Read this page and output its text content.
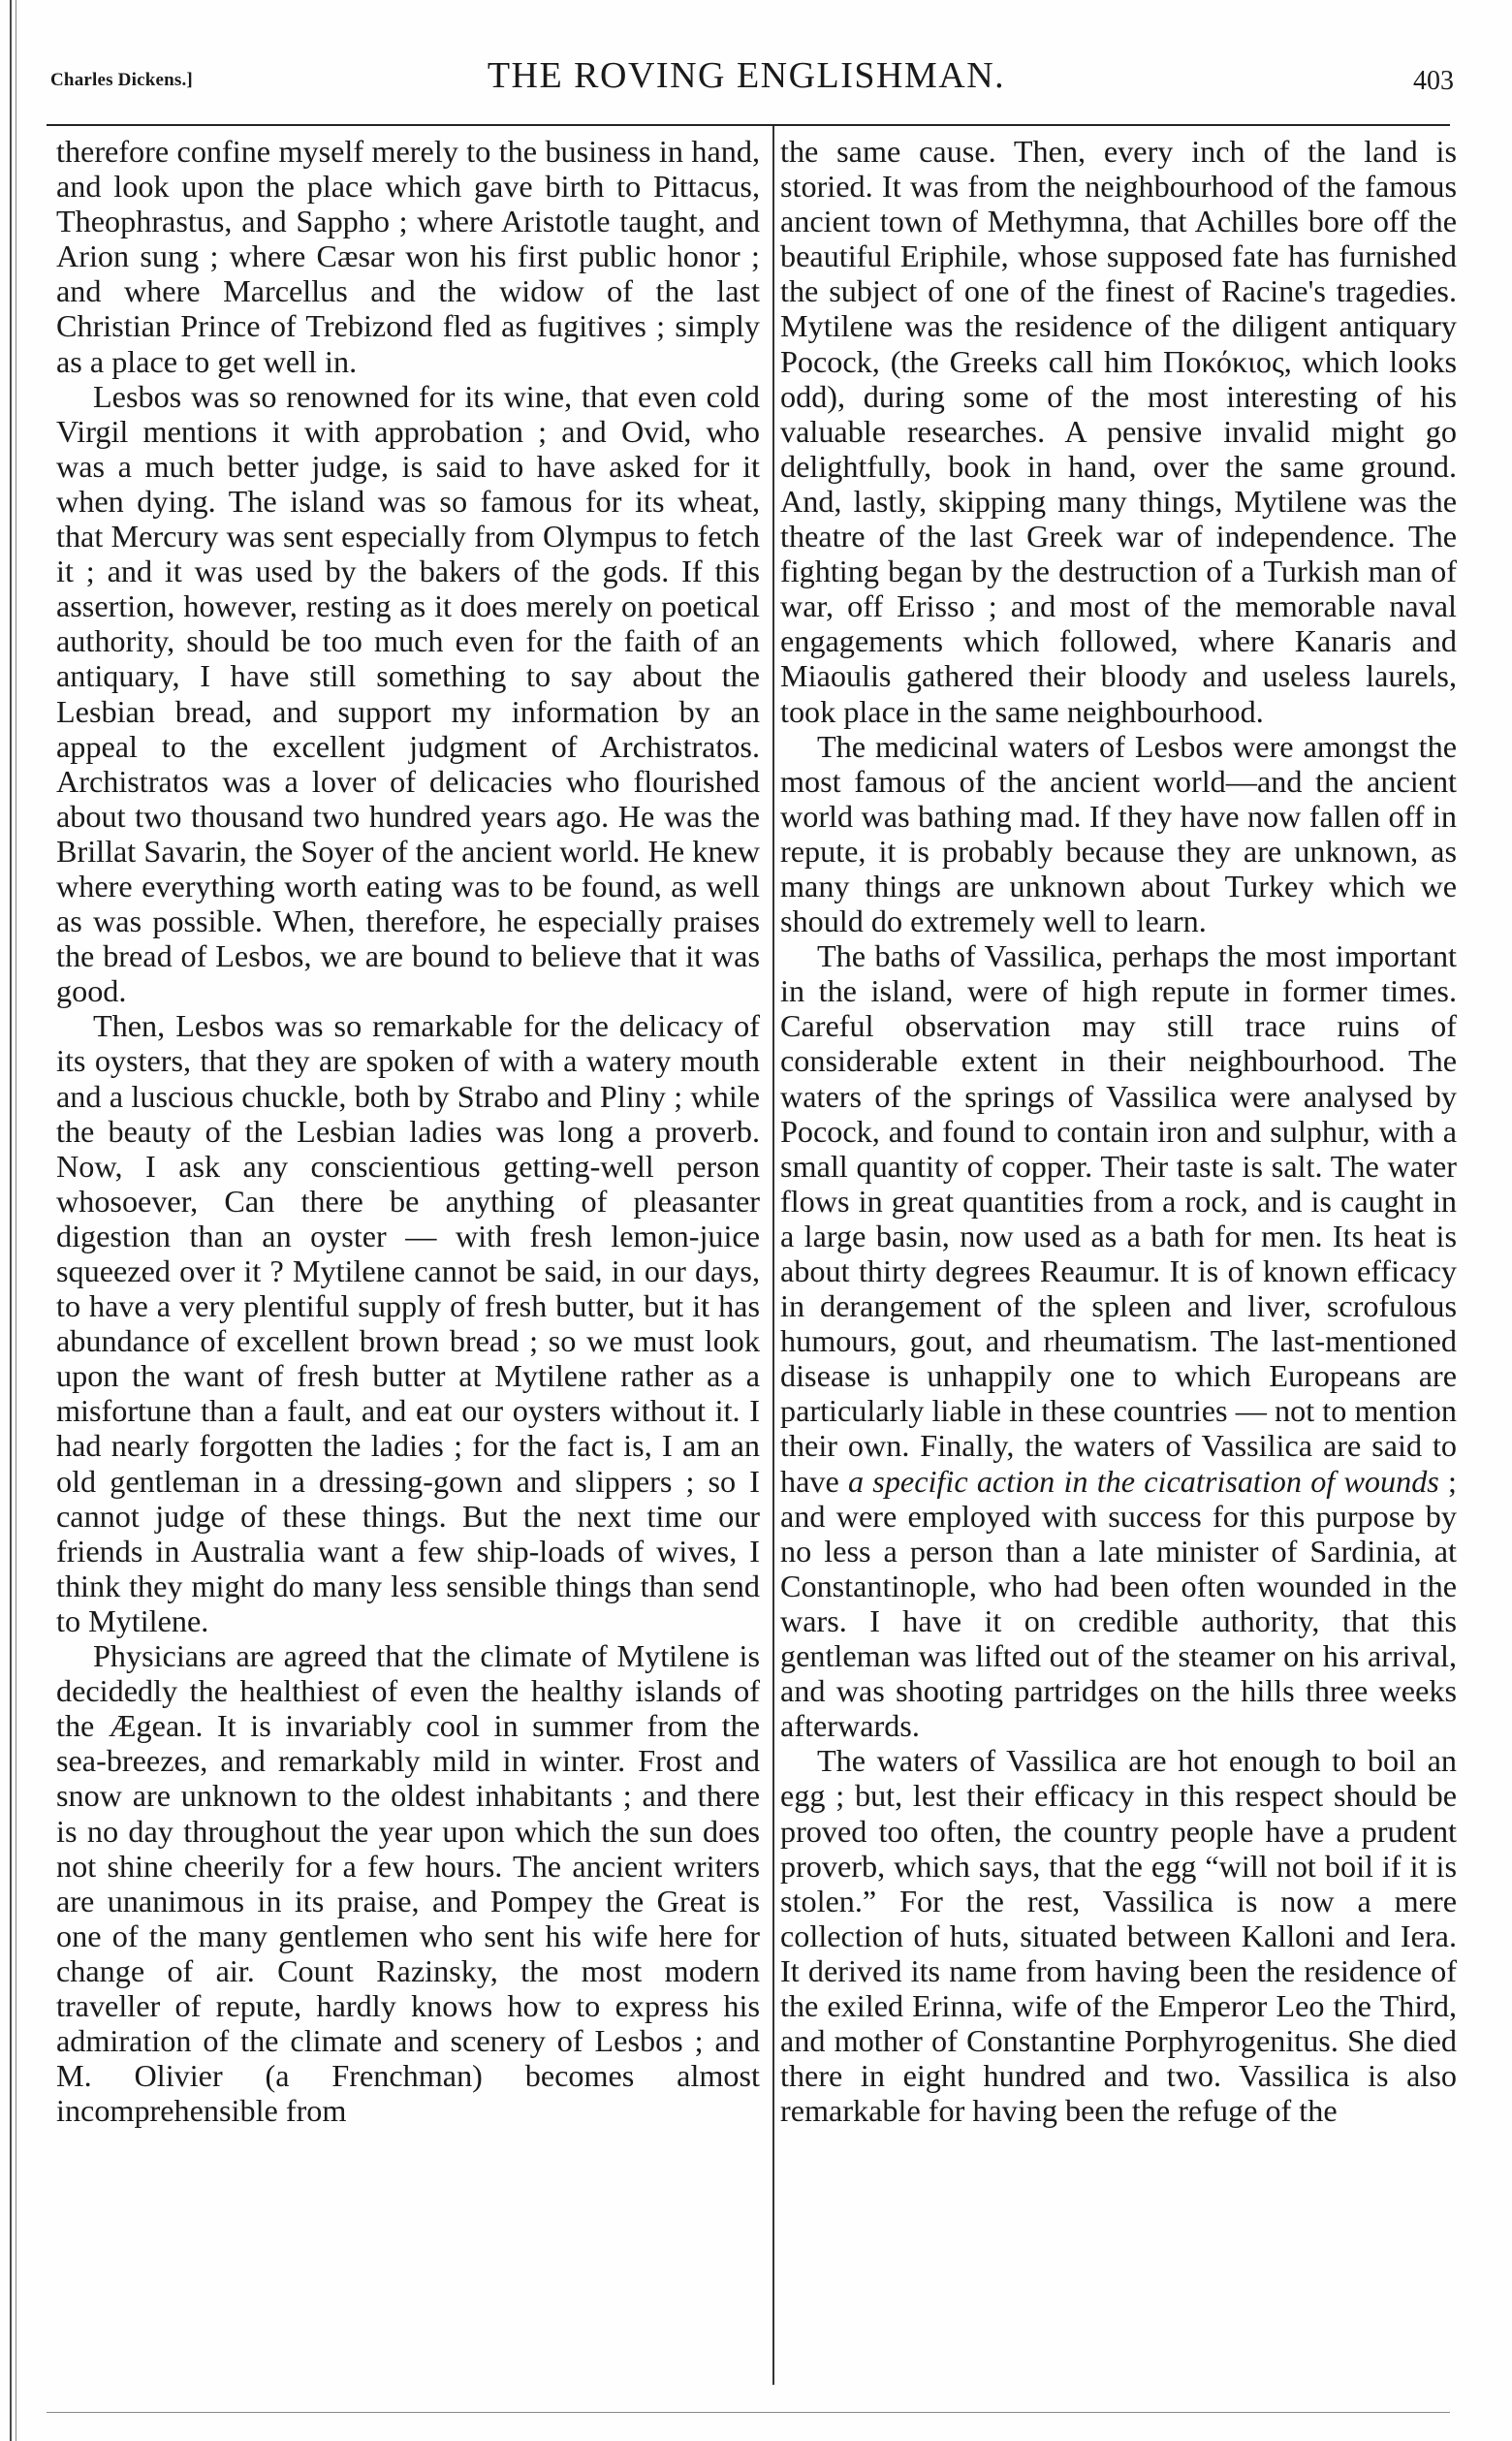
Charles Dickens.]	THE ROVING ENGLISHMAN.	403

therefore confine myself merely to the business in hand, and look upon the place which gave birth to Pittacus, Theophrastus, and Sappho ; where Aristotle taught, and Arion sung ; where Cæsar won his first public honor ; and where Marcellus and the widow of the last Christian Prince of Trebizond fled as fugitives ; simply as a place to get well in.

Lesbos was so renowned for its wine, that even cold Virgil mentions it with approbation ; and Ovid, who was a much better judge, is said to have asked for it when dying. The island was so famous for its wheat, that Mercury was sent especially from Olympus to fetch it ; and it was used by the bakers of the gods. If this assertion, however, resting as it does merely on poetical authority, should be too much even for the faith of an antiquary, I have still something to say about the Lesbian bread, and support my information by an appeal to the excellent judgment of Archistratos. Archistratos was a lover of delicacies who flourished about two thousand two hundred years ago. He was the Brillat Savarin, the Soyer of the ancient world. He knew where everything worth eating was to be found, as well as was possible. When, therefore, he especially praises the bread of Lesbos, we are bound to believe that it was good.

Then, Lesbos was so remarkable for the delicacy of its oysters, that they are spoken of with a watery mouth and a luscious chuckle, both by Strabo and Pliny ; while the beauty of the Lesbian ladies was long a proverb. Now, I ask any conscientious getting-well person whosoever, Can there be anything of pleasanter digestion than an oyster — with fresh lemon-juice squeezed over it ? Mytilene cannot be said, in our days, to have a very plentiful supply of fresh butter, but it has abundance of excellent brown bread ; so we must look upon the want of fresh butter at Mytilene rather as a misfortune than a fault, and eat our oysters without it. I had nearly forgotten the ladies ; for the fact is, I am an old gentleman in a dressing-gown and slippers ; so I cannot judge of these things. But the next time our friends in Australia want a few ship-loads of wives, I think they might do many less sensible things than send to Mytilene.

Physicians are agreed that the climate of Mytilene is decidedly the healthiest of even the healthy islands of the Ægean. It is invariably cool in summer from the sea-breezes, and remarkably mild in winter. Frost and snow are unknown to the oldest inhabitants ; and there is no day throughout the year upon which the sun does not shine cheerily for a few hours. The ancient writers are unanimous in its praise, and Pompey the Great is one of the many gentlemen who sent his wife here for change of air. Count Razinsky, the most modern traveller of repute, hardly knows how to express his admiration of the climate and scenery of Lesbos ; and M. Olivier (a Frenchman) becomes almost incomprehensible from

the same cause. Then, every inch of the land is storied. It was from the neighbourhood of the famous ancient town of Methymna, that Achilles bore off the beautiful Eriphile, whose supposed fate has furnished the subject of one of the finest of Racine's tragedies. Mytilene was the residence of the diligent antiquary Pocock, (the Greeks call him Ποκόκιος, which looks odd), during some of the most interesting of his valuable researches. A pensive invalid might go delightfully, book in hand, over the same ground. And, lastly, skipping many things, Mytilene was the theatre of the last Greek war of independence. The fighting began by the destruction of a Turkish man of war, off Erisso ; and most of the memorable naval engagements which followed, where Kanaris and Miaoulis gathered their bloody and useless laurels, took place in the same neighbourhood.

The medicinal waters of Lesbos were amongst the most famous of the ancient world—and the ancient world was bathing mad. If they have now fallen off in repute, it is probably because they are unknown, as many things are unknown about Turkey which we should do extremely well to learn.

The baths of Vassilica, perhaps the most important in the island, were of high repute in former times. Careful observation may still trace ruins of considerable extent in their neighbourhood. The waters of the springs of Vassilica were analysed by Pocock, and found to contain iron and sulphur, with a small quantity of copper. Their taste is salt. The water flows in great quantities from a rock, and is caught in a large basin, now used as a bath for men. Its heat is about thirty degrees Reaumur. It is of known efficacy in derangement of the spleen and liver, scrofulous humours, gout, and rheumatism. The last-mentioned disease is unhappily one to which Europeans are particularly liable in these countries — not to mention their own. Finally, the waters of Vassilica are said to have a specific action in the cicatrisation of wounds ; and were employed with success for this purpose by no less a person than a late minister of Sardinia, at Constantinople, who had been often wounded in the wars. I have it on credible authority, that this gentleman was lifted out of the steamer on his arrival, and was shooting partridges on the hills three weeks afterwards.

The waters of Vassilica are hot enough to boil an egg ; but, lest their efficacy in this respect should be proved too often, the country people have a prudent proverb, which says, that the egg “will not boil if it is stolen.” For the rest, Vassilica is now a mere collection of huts, situated between Kalloni and Iera. It derived its name from having been the residence of the exiled Erinna, wife of the Emperor Leo the Third, and mother of Constantine Porphyrogenitus. She died there in eight hundred and two. Vassilica is also remarkable for having been the refuge of the
